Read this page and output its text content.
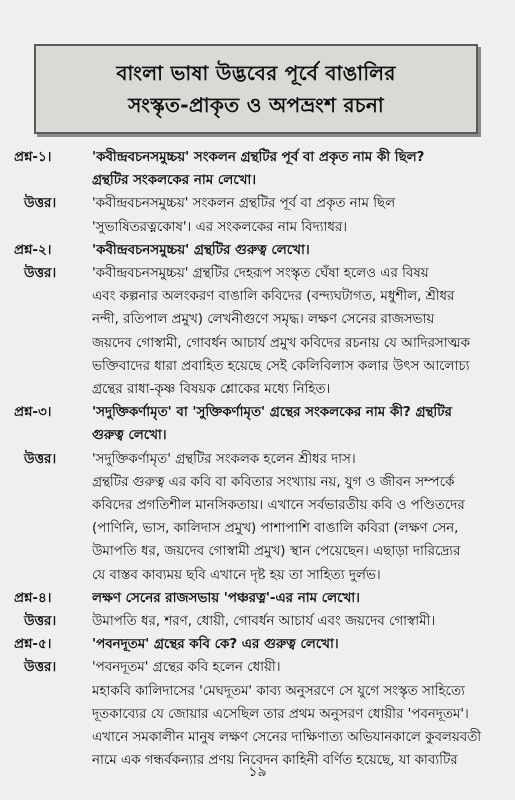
বাংলা ভাষা উদ্ভবের পূর্বে বাঙালির
সংস্কৃত-প্রাকৃত ও অপভ্রংশ রচনা
প্রশ্ন-১।	'কবীন্দ্রবচনসমুচ্চয়' সংকলন গ্রন্থটির পূর্ব বা প্রকৃত নাম কী ছিল?
গ্রন্থটির সংকলকের নাম লেখো।
উত্তর।	'কবীন্দ্রবচনসমুচ্চয়' সংকলন গ্রন্থটির পূর্ব বা প্রকৃত নাম ছিল
'সুভাষিতরত্নকোষ'। এর সংকলকের নাম বিদ্যাধর।
প্রশ্ন-২।	'কবীন্দ্রবচনসমুচ্চয়' গ্রন্থটির গুরুত্ব লেখো।
উত্তর।	'কবীন্দ্রবচনসমুচ্চয়' গ্রন্থটির দেহরূপ সংস্কৃত ঘেঁষা হলেও এর বিষয়
এবং কল্পনার অলংকরণ বাঙালি কবিদের (বন্দ্যঘটাগত, মধুশীল, শ্রীধর
নন্দী, রতিপাল প্রমুখ) লেখনীগুণে সমৃদ্ধ। লক্ষণ সেনের রাজসভায়
জয়দেব গোস্বামী, গোবর্ধন আচার্য প্রমুখ কবিদের রচনায় যে আদিরসাত্মক
ভক্তিবাদের ধারা প্রবাহিত হয়েছে সেই কেলিবিলাস কলার উৎস আলোচ্য
গ্রন্থের রাধা-কৃষ্ণ বিষয়ক শ্লোকের মধ্যে নিহিত।
প্রশ্ন-৩।	'সদুক্তিকর্ণামৃত' বা 'সুক্তিকর্ণামৃত' গ্রন্থের সংকলকের নাম কী? গ্রন্থটির
গুরুত্ব লেখো।
উত্তর।	'সদুক্তিকর্ণামৃত' গ্রন্থটির সংকলক হলেন শ্রীধর দাস।
গ্রন্থটির গুরুত্ব এর কবি বা কবিতার সংখ্যায় নয়, যুগ ও জীবন সম্পর্কে
কবিদের প্রগতিশীল মানসিকতায়। এখানে সর্বভারতীয় কবি ও পণ্ডিতদের
(পাণিনি, ভাস, কালিদাস প্রমুখ) পাশাপাশি বাঙালি কবিরা (লক্ষণ সেন,
উমাপতি ধর, জয়দেব গোস্বামী প্রমুখ) স্থান পেয়েছেন। এছাড়া দারিদ্র্যের
যে বাস্তব কাব্যময় ছবি এখানে দৃষ্ট হয় তা সাহিত্য দুর্লভ।
প্রশ্ন-৪।	লক্ষণ সেনের রাজসভায় 'পঞ্চরত্ন'-এর নাম লেখো।
উত্তর।	উমাপতি ধর, শরণ, ধোয়ী, গোবর্ধন আচার্য এবং জয়দেব গোস্বামী।
প্রশ্ন-৫।	'পবনদূতম' গ্রন্থের কবি কে? এর গুরুত্ব লেখো।
উত্তর।	'পবনদূতম' গ্রন্থের কবি হলেন ধোয়ী।
মহাকবি কালিদাসের 'মেঘদূতম' কাব্য অনুসরণে সে যুগে সংস্কৃত সাহিত্যে
দূতকাব্যের যে জোয়ার এসেছিল তার প্রথম অনুসরণ ধোয়ীর 'পবনদূতম'।
এখানে সমকালীন মানুষ লক্ষণ সেনের দাক্ষিণাত্য অভিযানকালে কুবলয়বতী
নামে এক গন্ধর্বকন্যার প্রণয় নিবেদন কাহিনী বর্ণিত হয়েছে, যা কাব্যটির
১৯
